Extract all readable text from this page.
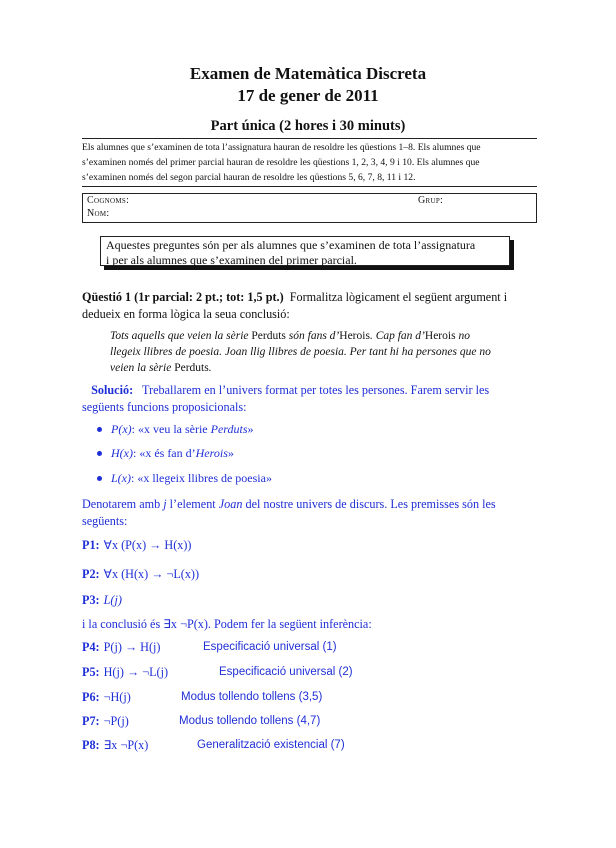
Examen de Matemàtica Discreta
17 de gener de 2011
Part única (2 hores i 30 minuts)
Els alumnes que s’examinen de tota l’assignatura hauran de resoldre les qüestions 1–8. Els alumnes que
s’examinen només del primer parcial hauran de resoldre les qüestions 1, 2, 3, 4, 9 i 10. Els alumnes que
s’examinen només del segon parcial hauran de resoldre les qüestions 5, 6, 7, 8, 11 i 12.
Cognoms:	Grup:
Nom:
Aquestes preguntes són per als alumnes que s’examinen de tota l’assignatura
i per als alumnes que s’examinen del primer parcial.
Qüestió 1 (1r parcial: 2 pt.; tot: 1,5 pt.) Formalitza lògicament el següent argument i
dedueix en forma lògica la seua conclusió:
Tots aquells que veien la sèrie Perduts són fans d’Herois. Cap fan d’Herois no
llegeix llibres de poesia. Joan llig llibres de poesia. Per tant hi ha persones que no
veien la sèrie Perduts.
Solució: Treballarem en l’univers format per totes les persones. Farem servir les
següents funcions proposicionals:
P(x): «x veu la sèrie Perduts»
H(x): «x és fan d’Herois»
L(x): «x llegeix llibres de poesia»
Denotarem amb j l’element Joan del nostre univers de discurs. Les premisses són les
següents:
P1: ∀x (P(x) → H(x))
P2: ∀x (H(x) → ¬L(x))
P3: L(j)
i la conclusió és ∃x ¬P(x). Podem fer la següent inferència:
P4: P(j) → H(j)	Especificació universal (1)
P5: H(j) → ¬L(j)	Especificació universal (2)
P6: ¬H(j)	Modus tollendo tollens (3,5)
P7: ¬P(j)	Modus tollendo tollens (4,7)
P8: ∃x ¬P(x)	Generalització existencial (7)
